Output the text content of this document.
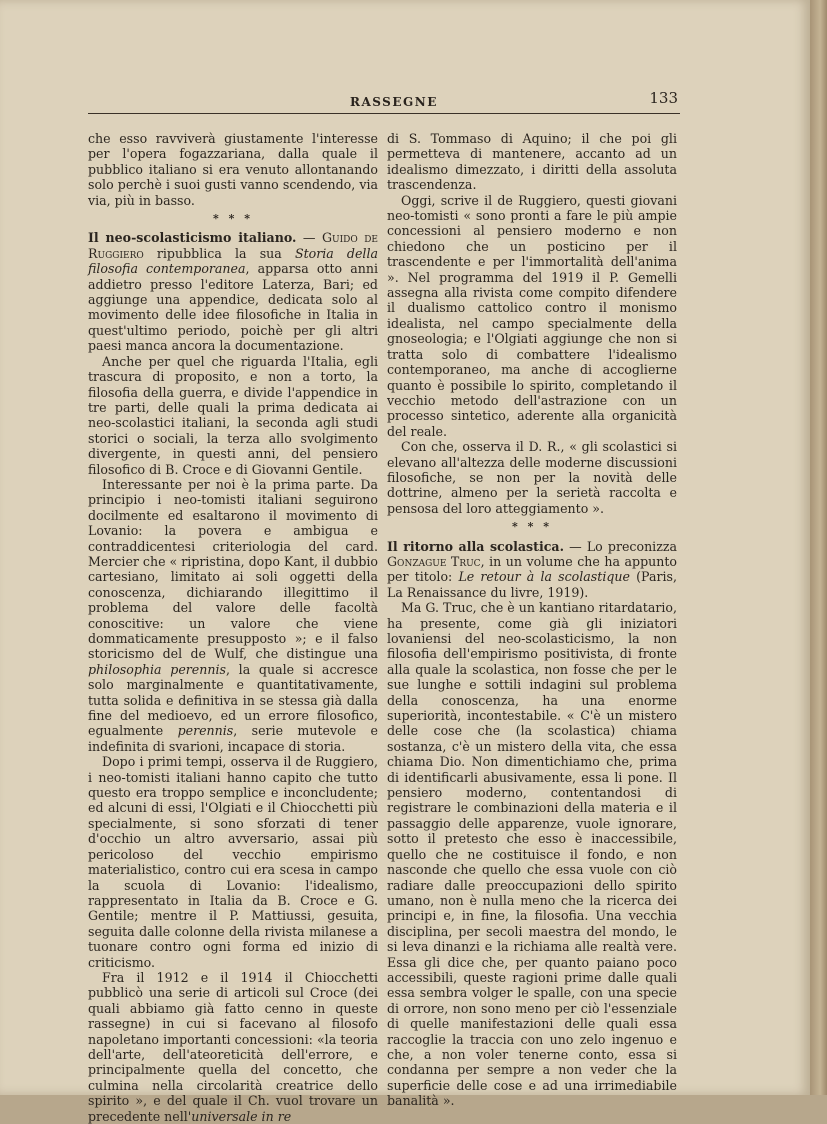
RASSEGNE	133

che esso ravviverà giustamente l'interesse per l'opera fogazzariana, dalla quale il pubblico italiano si era venuto allontanando solo perchè i suoi gusti vanno scendendo, via via, più in basso.

* * *

Il neo-scolasticismo italiano. — Guido de Ruggiero ripubblica la sua Storia della filosofia contemporanea, apparsa otto anni addietro presso l'editore Laterza, Bari; ed aggiunge una appendice, dedicata solo al movimento delle idee filosofiche in Italia in quest'ultimo periodo, poichè per gli altri paesi manca ancora la documentazione.

Anche per quel che riguarda l'Italia, egli trascura di proposito, e non a torto, la filosofia della guerra, e divide l'appendice in tre parti, delle quali la prima dedicata ai neo-scolastici italiani, la seconda agli studi storici o sociali, la terza allo svolgimento divergente, in questi anni, del pensiero filosofico di B. Croce e di Giovanni Gentile.

Interessante per noi è la prima parte. Da principio i neo-tomisti italiani seguirono docilmente ed esaltarono il movimento di Lovanio: la povera e ambigua e contraddicentesi criteriologia del card. Mercier che « ripristina, dopo Kant, il dubbio cartesiano, limitato ai soli oggetti della conoscenza, dichiarando illegittimo il problema del valore delle facoltà conoscitive: un valore che viene dommaticamente presupposto »; e il falso storicismo del de Wulf, che distingue una philosophia perennis, la quale si accresce solo marginalmente e quantitativamente, tutta solida e definitiva in se stessa già dalla fine del medioevo, ed un errore filosofico, egualmente perennis, serie mutevole e indefinita di svarioni, incapace di storia.

Dopo i primi tempi, osserva il de Ruggiero, i neo-tomisti italiani hanno capito che tutto questo era troppo semplice e inconcludente; ed alcuni di essi, l'Olgiati e il Chiocchetti più specialmente, si sono sforzati di tener d'occhio un altro avversario, assai più pericoloso del vecchio empirismo materialistico, contro cui era scesa in campo la scuola di Lovanio: l'idealismo, rappresentato in Italia da B. Croce e G. Gentile; mentre il P. Mattiussi, gesuita, seguita dalle colonne della rivista milanese a tuonare contro ogni forma ed inizio di criticismo.

Fra il 1912 e il 1914 il Chiocchetti pubblicò una serie di articoli sul Croce (dei quali abbiamo già fatto cenno in queste rassegne) in cui si facevano al filosofo napoletano importanti concessioni: «la teoria dell'arte, dell'ateoreticità dell'errore, e principalmente quella del concetto, che culmina nella circolarità creatrice dello spirito », e del quale il Ch. vuol trovare un precedente nell'universale in re

di S. Tommaso di Aquino; il che poi gli permetteva di mantenere, accanto ad un idealismo dimezzato, i diritti della assoluta trascendenza.

Oggi, scrive il de Ruggiero, questi giovani neo-tomisti « sono pronti a fare le più ampie concessioni al pensiero moderno e non chiedono che un posticino per il trascendente e per l'immortalità dell'anima ». Nel programma del 1919 il P. Gemelli assegna alla rivista come compito difendere il dualismo cattolico contro il monismo idealista, nel campo specialmente della gnoseologia; e l'Olgiati aggiunge che non si tratta solo di combattere l'idealismo contemporaneo, ma anche di accoglierne quanto è possibile lo spirito, completando il vecchio metodo dell'astrazione con un processo sintetico, aderente alla organicità del reale.

Con che, osserva il D. R., « gli scolastici si elevano all'altezza delle moderne discussioni filosofiche, se non per la novità delle dottrine, almeno per la serietà raccolta e pensosa del loro atteggiamento ».

* * *

Il ritorno alla scolastica. — Lo preconizza Gonzague Truc, in un volume che ha appunto per titolo: Le retour à la scolastique (Paris, La Renaissance du livre, 1919).

Ma G. Truc, che è un kantiano ritardatario, ha presente, come già gli iniziatori lovaniensi del neo-scolasticismo, la non filosofia dell'empirismo positivista, di fronte alla quale la scolastica, non fosse che per le sue lunghe e sottili indagini sul problema della conoscenza, ha una enorme superiorità, incontestabile. « C'è un mistero delle cose che (la scolastica) chiama sostanza, c'è un mistero della vita, che essa chiama Dio. Non dimentichiamo che, prima di identificarli abusivamente, essa li pone. Il pensiero moderno, contentandosi di registrare le combinazioni della materia e il passaggio delle apparenze, vuole ignorare, sotto il pretesto che esso è inaccessibile, quello che ne costituisce il fondo, e non nasconde che quello che essa vuole con ciò radiare dalle preoccupazioni dello spirito umano, non è nulla meno che la ricerca dei principi e, in fine, la filosofia. Una vecchia disciplina, per secoli maestra del mondo, le si leva dinanzi e la richiama alle realtà vere. Essa gli dice che, per quanto paiano poco accessibili, queste ragioni prime dalle quali essa sembra volger le spalle, con una specie di orrore, non sono meno per ciò l'essenziale di quelle manifestazioni delle quali essa raccoglie la traccia con uno zelo ingenuo e che, a non voler tenerne conto, essa si condanna per sempre a non veder che la superficie delle cose e ad una irrimediabile banalità ».
